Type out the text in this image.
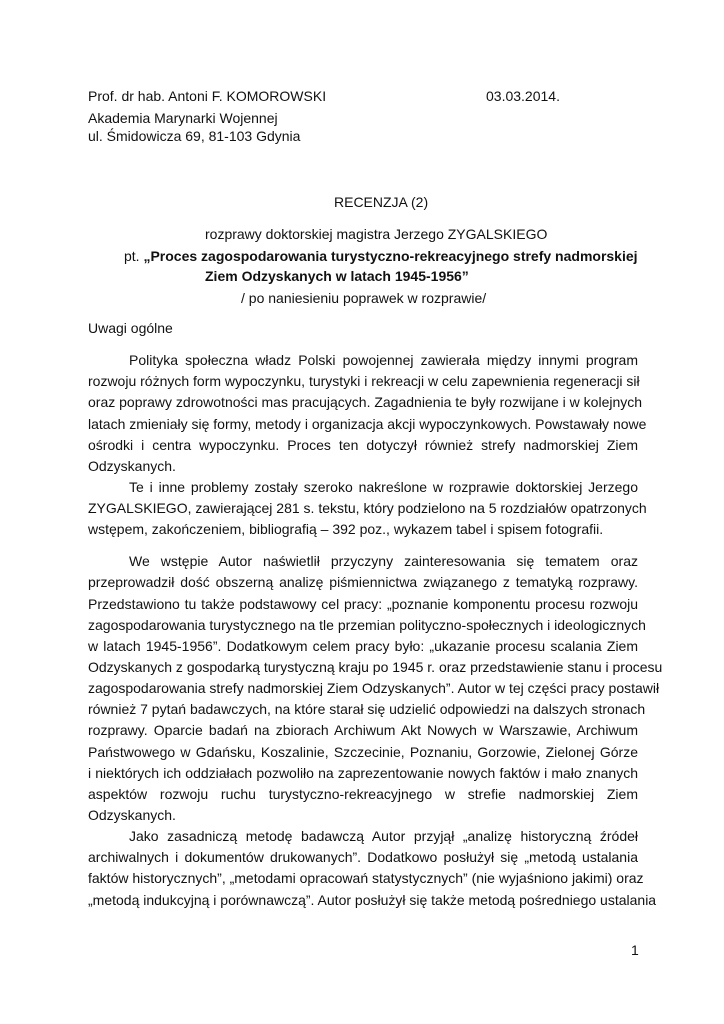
Prof. dr hab. Antoni F. KOMOROWSKI	03.03.2014.
Akademia Marynarki Wojennej
ul. Śmidowicza 69, 81-103 Gdynia
RECENZJA (2)
rozprawy doktorskiej magistra Jerzego ZYGALSKIEGO
pt. „Proces zagospodarowania turystyczno-rekreacyjnego strefy nadmorskiej
Ziem Odzyskanych w latach 1945-1956”
/ po naniesieniu poprawek w rozprawie/
Uwagi ogólne
Polityka społeczna władz Polski powojennej zawierała między innymi program
rozwoju różnych form wypoczynku, turystyki i rekreacji w celu zapewnienia regeneracji sił
oraz poprawy zdrowotności mas pracujących. Zagadnienia te były rozwijane i w kolejnych
latach zmieniały się formy, metody i organizacja akcji wypoczynkowych. Powstawały nowe
ośrodki i centra wypoczynku. Proces ten dotyczył również strefy nadmorskiej Ziem
Odzyskanych.
Te i inne problemy zostały szeroko nakreślone w rozprawie doktorskiej Jerzego
ZYGALSKIEGO, zawierającej 281 s. tekstu, który podzielono na 5 rozdziałów opatrzonych
wstępem, zakończeniem, bibliografią – 392 poz., wykazem tabel i spisem fotografii.
We wstępie Autor naświetlił przyczyny zainteresowania się tematem oraz
przeprowadził dość obszerną analizę piśmiennictwa związanego z tematyką rozprawy.
Przedstawiono tu także podstawowy cel pracy: „poznanie komponentu procesu rozwoju
zagospodarowania turystycznego na tle przemian polityczno-społecznych i ideologicznych
w latach 1945-1956”. Dodatkowym celem pracy było: „ukazanie procesu scalania Ziem
Odzyskanych z gospodarką turystyczną kraju po 1945 r. oraz przedstawienie stanu i procesu
zagospodarowania strefy nadmorskiej Ziem Odzyskanych”. Autor w tej części pracy postawił
również 7 pytań badawczych, na które starał się udzielić odpowiedzi na dalszych stronach
rozprawy. Oparcie badań na zbiorach Archiwum Akt Nowych w Warszawie, Archiwum
Państwowego w Gdańsku, Koszalinie, Szczecinie, Poznaniu, Gorzowie, Zielonej Górze
i niektórych ich oddziałach pozwoliło na zaprezentowanie nowych faktów i mało znanych
aspektów rozwoju ruchu turystyczno-rekreacyjnego w strefie nadmorskiej Ziem
Odzyskanych.
Jako zasadniczą metodę badawczą Autor przyjął „analizę historyczną źródeł
archiwalnych i dokumentów drukowanych”. Dodatkowo posłużył się „metodą ustalania
faktów historycznych”, „metodami opracowań statystycznych” (nie wyjaśniono jakimi) oraz
„metodą indukcyjną i porównawczą”. Autor posłużył się także metodą pośredniego ustalania
1
